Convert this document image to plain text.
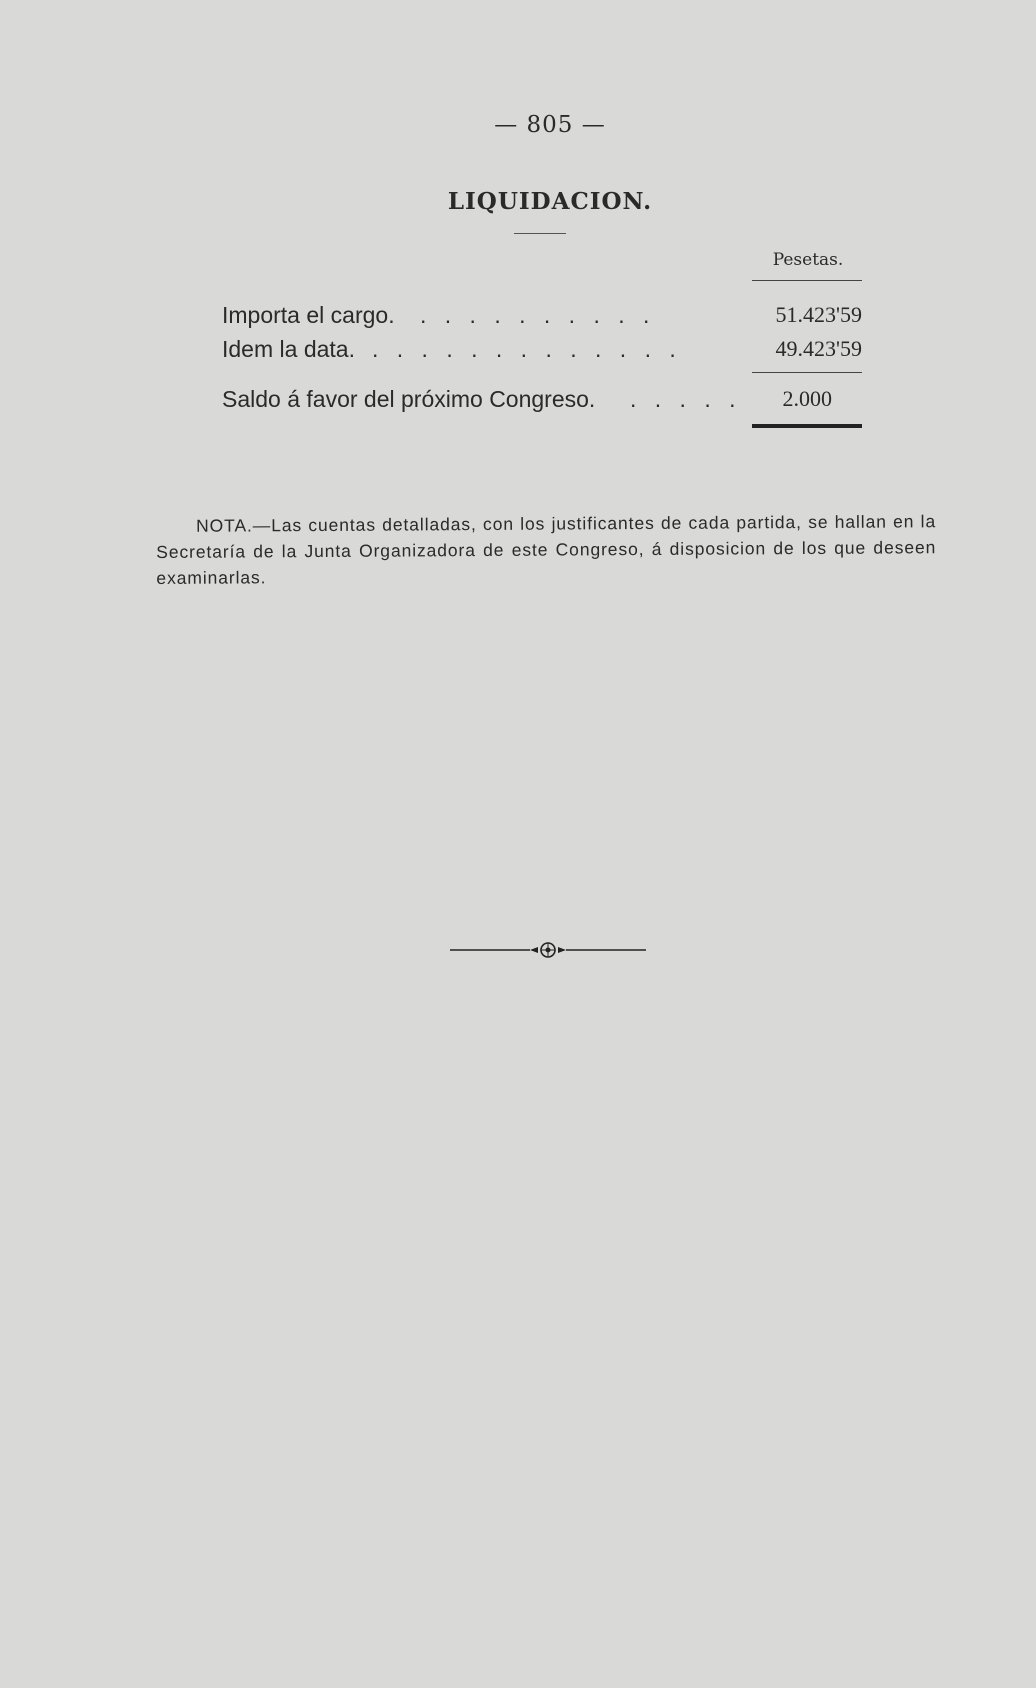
— 805 —
LIQUIDACION.
Pesetas.
Importa el cargo. . . . . . . . . . .	51.423'59
Idem la data. . . . . . . . . . . . . .	49.423'59
Saldo á favor del próximo Congreso. . . . . . 2.000
NOTA.—Las cuentas detalladas, con los justificantes de cada partida, se hallan en la Secretaría de la Junta Organizadora de este Congreso, á disposicion de los que deseen examinarlas.
